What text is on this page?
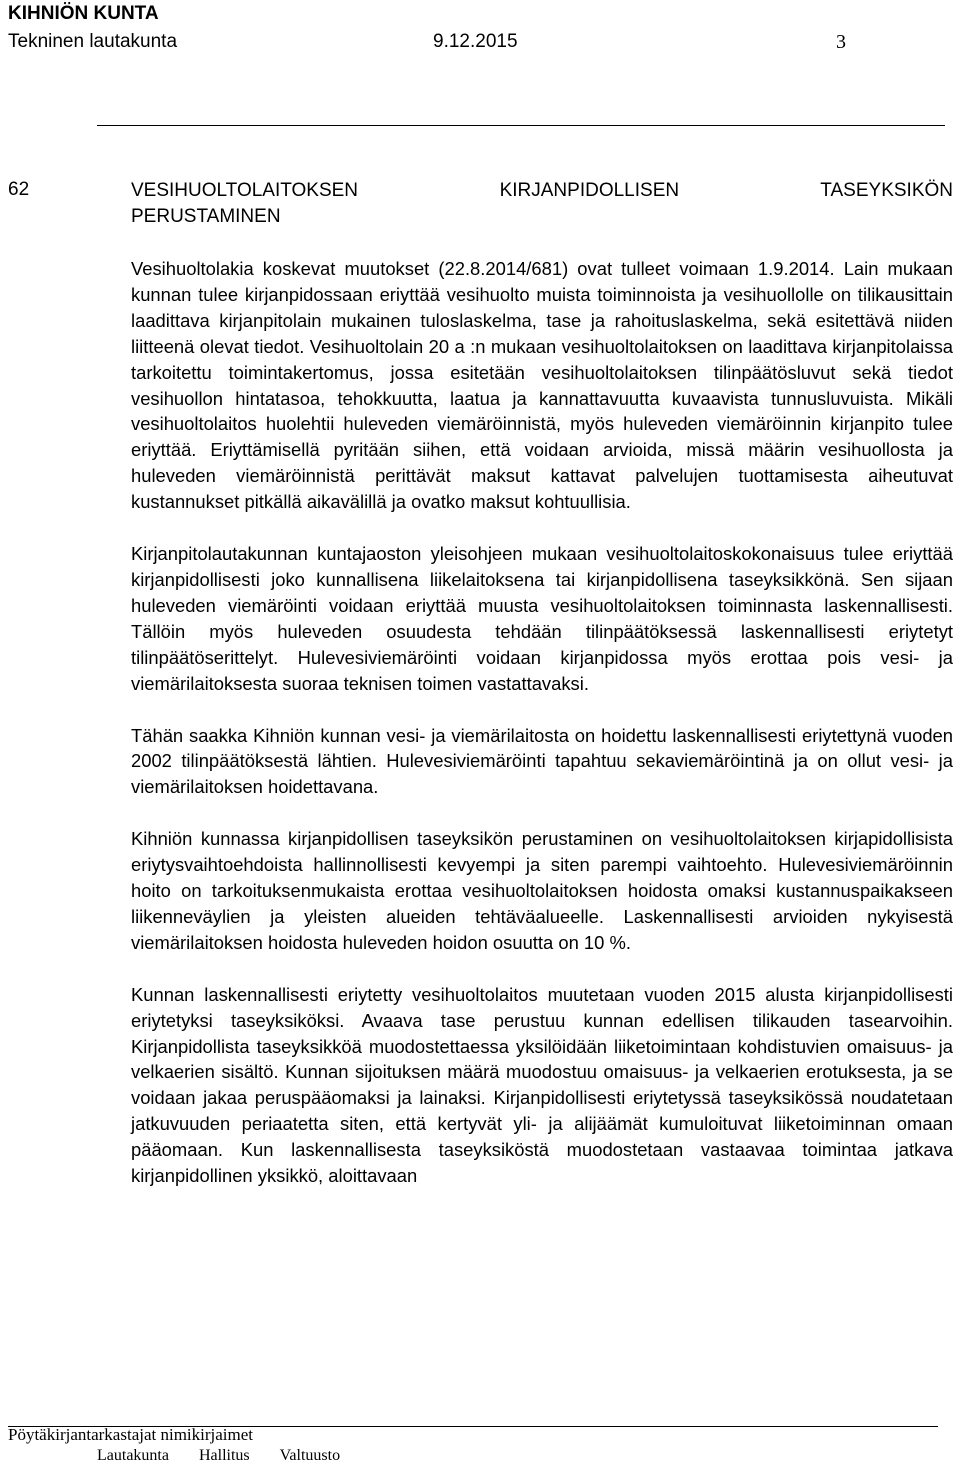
KIHNIÖN KUNTA
Tekninen lautakunta	9.12.2015	3
62	VESIHUOLTOLAITOKSEN KIRJANPIDOLLISEN TASEYKSIKÖN
PERUSTAMINEN

Vesihuoltolakia koskevat muutokset (22.8.2014/681) ovat tulleet voimaan 1.9.2014. Lain mukaan kunnan tulee kirjanpidossaan eriyttää vesihuolto muista toiminnoista ja vesihuollolle on tilikausittain laadittava kirjanpitolain mukainen tuloslaskelma, tase ja rahoituslaskelma, sekä esitettävä niiden liitteenä olevat tiedot. Vesihuoltolain 20 a :n mukaan vesihuoltolaitoksen on laadittava kirjanpitolaissa tarkoitettu toimintakertomus, jossa esitetään vesihuoltolaitoksen tilinpäätösluvut sekä tiedot vesihuollon hintatasoa, tehokkuutta, laatua ja kannattavuutta kuvaavista tunnusluvuista. Mikäli vesihuoltolaitos huolehtii huleveden viemäröinnistä, myös huleveden viemäröinnin kirjanpito tulee eriyttää. Eriyttämisellä pyritään siihen, että voidaan arvioida, missä määrin vesihuollosta ja huleveden viemäröinnistä perittävät maksut kattavat palvelujen tuottamisesta aiheutuvat kustannukset pitkällä aikavälillä ja ovatko maksut kohtuullisia.

Kirjanpitolautakunnan kuntajaoston yleisohjeen mukaan vesihuoltolaitoskokonaisuus tulee eriyttää kirjanpidollisesti joko kunnallisena liikelaitoksena tai kirjanpidollisena taseyksikkönä. Sen sijaan huleveden viemäröinti voidaan eriyttää muusta vesihuoltolaitoksen toiminnasta laskennallisesti. Tällöin myös huleveden osuudesta tehdään tilinpäätöksessä laskennallisesti eriytetyt tilinpäätöserittelyt. Hulevesiviemäröinti voidaan kirjanpidossa myös erottaa pois vesi- ja viemärilaitoksesta suoraa teknisen toimen vastattavaksi.

Tähän saakka Kihniön kunnan vesi- ja viemärilaitosta on hoidettu laskennallisesti eriytettynä vuoden 2002 tilinpäätöksestä lähtien. Hulevesiviemäröinti tapahtuu sekaviemäröintinä ja on ollut vesi- ja viemärilaitoksen hoidettavana.

Kihniön kunnassa kirjanpidollisen taseyksikön perustaminen on vesihuoltolaitoksen kirjapidollisista eriytysvaihtoehdoista hallinnollisesti kevyempi ja siten parempi vaihtoehto. Hulevesiviemäröinnin hoito on tarkoituksenmukaista erottaa vesihuoltolaitoksen hoidosta omaksi kustannuspaikakseen liikenneväylien ja yleisten alueiden tehtäväalueelle. Laskennallisesti arvioiden nykyisestä viemärilaitoksen hoidosta huleveden hoidon osuutta on 10 %.

Kunnan laskennallisesti eriytetty vesihuoltolaitos muutetaan vuoden 2015 alusta kirjanpidollisesti eriytetyksi taseyksiköksi. Avaava tase perustuu kunnan edellisen tilikauden tasearvoihin. Kirjanpidollista taseyksikköä muodostettaessa yksilöidään liiketoimintaan kohdistuvien omaisuus- ja velkaerien sisältö. Kunnan sijoituksen määrä muodostuu omaisuus- ja velkaerien erotuksesta, ja se voidaan jakaa peruspääomaksi ja lainaksi. Kirjanpidollisesti eriytetyssä taseyksikössä noudatetaan jatkuvuuden periaatetta siten, että kertyvät yli- ja alijäämät kumuloituvat liiketoiminnan omaan pääomaan. Kun laskennallisesta taseyksiköstä muodostetaan vastaavaa toimintaa jatkava kirjanpidollinen yksikkö, aloittavaan

Pöytäkirjantarkastajat nimikirjaimet
Lautakunta Hallitus Valtuusto
